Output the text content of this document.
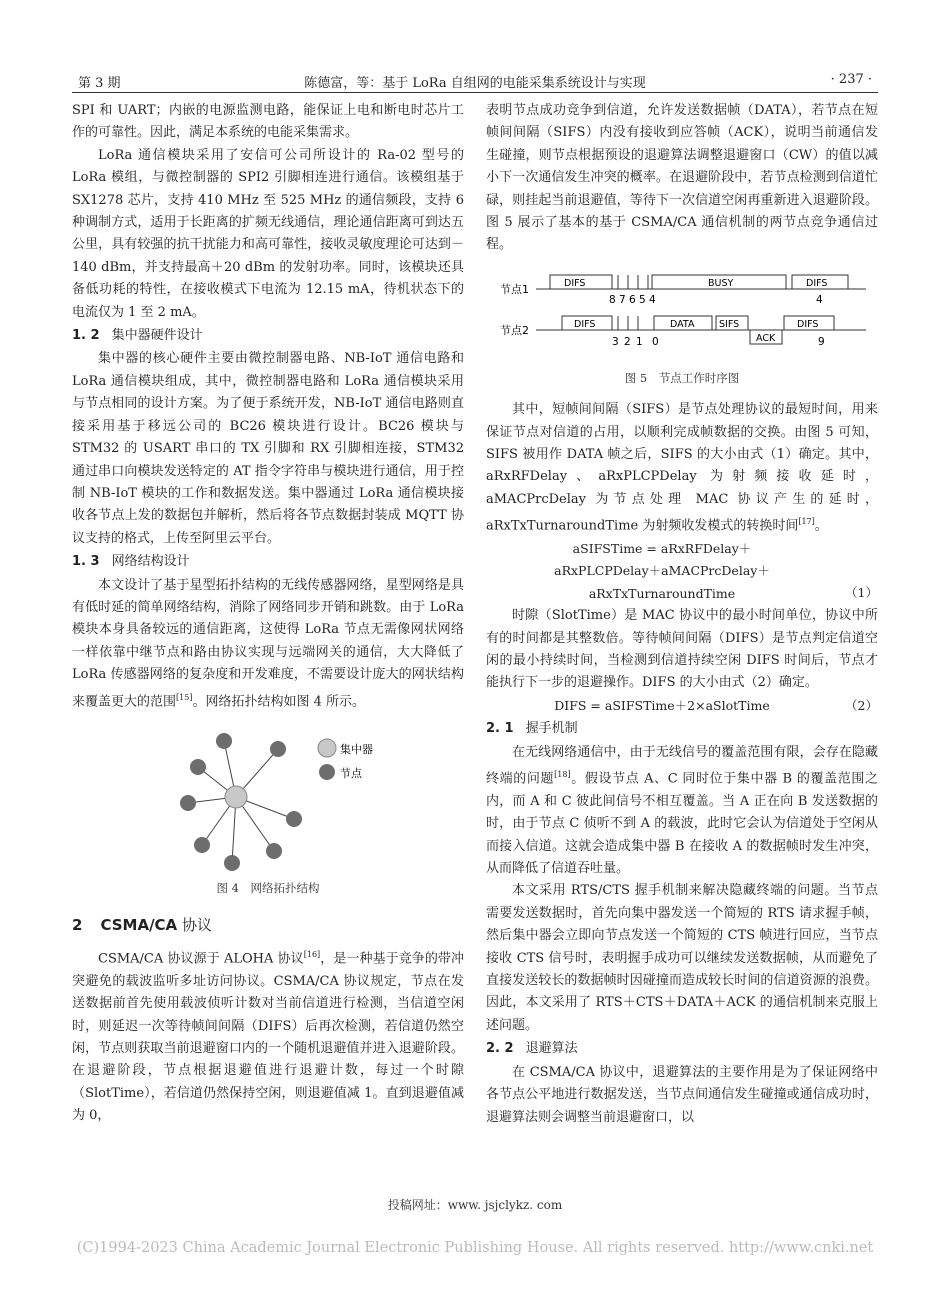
第 3 期	陈德富，等：基于 LoRa 自组网的电能采集系统设计与实现	· 237 ·

SPI 和 UART；内嵌的电源监测电路，能保证上电和断电时芯片工作的可靠性。因此，满足本系统的电能采集需求。

LoRa 通信模块采用了安信可公司所设计的 Ra-02 型号的 LoRa 模组，与微控制器的 SPI2 引脚相连进行通信。该模组基于 SX1278 芯片，支持 410 MHz 至 525 MHz 的通信频段，支持 6 种调制方式，适用于长距离的扩频无线通信，理论通信距离可到达五公里，具有较强的抗干扰能力和高可靠性，接收灵敏度理论可达到－140 dBm，并支持最高＋20 dBm 的发射功率。同时，该模块还具备低功耗的特性，在接收模式下电流为 12.15 mA，待机状态下的电流仅为 1 至 2 mA。

1. 2 集中器硬件设计

集中器的核心硬件主要由微控制器电路、NB-IoT 通信电路和 LoRa 通信模块组成，其中，微控制器电路和 LoRa 通信模块采用与节点相同的设计方案。为了便于系统开发，NB-IoT 通信电路则直接采用基于移远公司的 BC26 模块进行设计。BC26 模块与 STM32 的 USART 串口的 TX 引脚和 RX 引脚相连接，STM32 通过串口向模块发送特定的 AT 指令字符串与模块进行通信，用于控制 NB-IoT 模块的工作和数据发送。集中器通过 LoRa 通信模块接收各节点上发的数据包并解析，然后将各节点数据封装成 MQTT 协议支持的格式，上传至阿里云平台。

1. 3 网络结构设计

本文设计了基于星型拓扑结构的无线传感器网络，星型网络是具有低时延的简单网络结构，消除了网络同步开销和跳数。由于 LoRa 模块本身具备较远的通信距离，这使得 LoRa 节点无需像网状网络一样依靠中继节点和路由协议实现与远端网关的通信，大大降低了 LoRa 传感器网络的复杂度和开发难度，不需要设计庞大的网状结构来覆盖更大的范围[15]。网络拓扑结构如图 4 所示。

集中器
节点
图 4　网络拓扑结构
2 CSMA/CA 协议

CSMA/CA 协议源于 ALOHA 协议[16]，是一种基于竞争的带冲突避免的载波监听多址访问协议。CSMA/CA 协议规定，节点在发送数据前首先使用载波侦听计数对当前信道进行检测，当信道空闲时，则延迟一次等待帧间间隔（DIFS）后再次检测，若信道仍然空闲，节点则获取当前退避窗口内的一个随机退避值并进入退避阶段。在退避阶段，节点根据退避值进行退避计数，每过一个时隙（SlotTime），若信道仍然保持空闲，则退避值减 1。直到退避值减为 0，

表明节点成功竞争到信道，允许发送数据帧（DATA），若节点在短帧间间隔（SIFS）内没有接收到应答帧（ACK），说明当前通信发生碰撞，则节点根据预设的退避算法调整退避窗口（CW）的值以减小下一次通信发生冲突的概率。在退避阶段中，若节点检测到信道忙碌，则挂起当前退避值，等待下一次信道空闲再重新进入退避阶段。图 5 展示了基本的基于 CSMA/CA 通信机制的两节点竞争通信过程。

节点1
节点2
DIFS	BUSY	DIFS
DIFS	DATA	SIFS
ACK
DIFS
8 7 6 5 4	4
3 2 1 0	9
图 5　节点工作时序图

其中，短帧间间隔（SIFS）是节点处理协议的最短时间，用来保证节点对信道的占用，以顺利完成帧数据的交换。由图 5 可知，SIFS 被用作 DATA 帧之后，SIFS 的大小由式（1）确定。其中，aRxRFDelay、aRxPLCPDelay 为射频接收延时，aMACPrcDelay 为节点处理 MAC 协议产生的延时，aRxTxTurnaroundTime 为射频收发模式的转换时间[17]。

aSIFSTime = aRxRFDelay＋
aRxPLCPDelay＋aMACPrcDelay＋
aRxTxTurnaroundTime	（1）

时隙（SlotTime）是 MAC 协议中的最小时间单位，协议中所有的时间都是其整数倍。等待帧间间隔（DIFS）是节点判定信道空闲的最小持续时间，当检测到信道持续空闲 DIFS 时间后，节点才能执行下一步的退避操作。DIFS 的大小由式（2）确定。

DIFS = aSIFSTime＋2×aSlotTime	（2）
2. 1 握手机制

在无线网络通信中，由于无线信号的覆盖范围有限，会存在隐藏终端的问题[18]。假设节点 A、C 同时位于集中器 B 的覆盖范围之内，而 A 和 C 彼此间信号不相互覆盖。当 A 正在向 B 发送数据的时，由于节点 C 侦听不到 A 的载波，此时它会认为信道处于空闲从而接入信道。这就会造成集中器 B 在接收 A 的数据帧时发生冲突，从而降低了信道吞吐量。

本文采用 RTS/CTS 握手机制来解决隐藏终端的问题。当节点需要发送数据时，首先向集中器发送一个简短的 RTS 请求握手帧，然后集中器会立即向节点发送一个简短的 CTS 帧进行回应，当节点接收 CTS 信号时，表明握手成功可以继续发送数据帧，从而避免了直接发送较长的数据帧时因碰撞而造成较长时间的信道资源的浪费。因此，本文采用了 RTS＋CTS＋DATA＋ACK 的通信机制来克服上述问题。

2. 2 退避算法

在 CSMA/CA 协议中，退避算法的主要作用是为了保证网络中各节点公平地进行数据发送，当节点间通信发生碰撞或通信成功时，退避算法则会调整当前退避窗口，以

投稿网址：www. jsjclykz. com
(C)1994-2023 China Academic Journal Electronic Publishing House. All rights reserved. http://www.cnki.net
